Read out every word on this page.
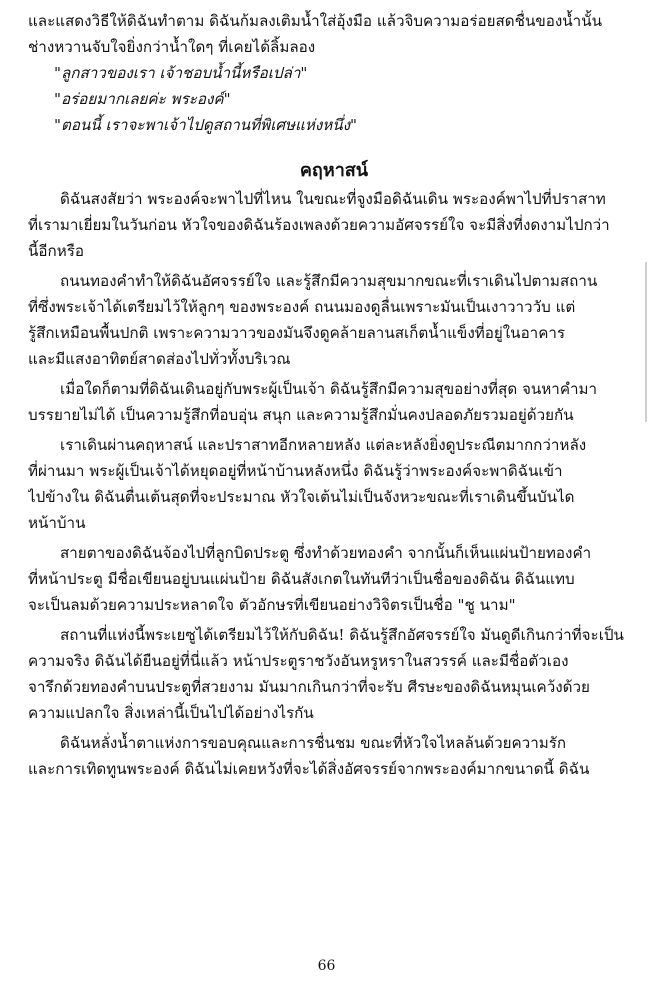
และแสดงวิธีให้ดิฉันทำตาม ดิฉันก้มลงเติมน้ำใส่อุ้งมือ แล้วจิบความอร่อยสดชื่นของน้ำนั้น
ช่างหวานจับใจยิ่งกว่าน้ำใดๆ ที่เคยได้ลิ้มลอง
"ลูกสาวของเรา เจ้าชอบน้ำนี้หรือเปล่า"
"อร่อยมากเลยค่ะ พระองค์"
"ตอนนี้ เราจะพาเจ้าไปดูสถานที่พิเศษแห่งหนึ่ง"
คฤหาสน์
ดิฉันสงสัยว่า พระองค์จะพาไปที่ไหน ในขณะที่จูงมือดิฉันเดิน พระองค์พาไปที่ปราสาท
ที่เรามาเยี่ยมในวันก่อน หัวใจของดิฉันร้องเพลงด้วยความอัศจรรย์ใจ จะมีสิ่งที่งดงามไปกว่า
นี้อีกหรือ
ถนนทองคำทำให้ดิฉันอัศจรรย์ใจ และรู้สึกมีความสุขมากขณะที่เราเดินไปตามสถาน
ที่ซึ่งพระเจ้าได้เตรียมไว้ให้ลูกๆ ของพระองค์ ถนนมองดูลื่นเพราะมันเป็นเงาวาววับ แต่
รู้สึกเหมือนพื้นปกติ เพราะความวาวของมันจึงดูคล้ายลานสเก็ตน้ำแข็งที่อยู่ในอาคาร
และมีแสงอาทิตย์สาดส่องไปทั่วทั้งบริเวณ
เมื่อใดก็ตามที่ดิฉันเดินอยู่กับพระผู้เป็นเจ้า ดิฉันรู้สึกมีความสุขอย่างที่สุด จนหาคำมา
บรรยายไม่ได้ เป็นความรู้สึกที่อบอุ่น สนุก และความรู้สึกมั่นคงปลอดภัยรวมอยู่ด้วยกัน
เราเดินผ่านคฤหาสน์ และปราสาทอีกหลายหลัง แต่ละหลังยิ่งดูประณีตมากกว่าหลัง
ที่ผ่านมา พระผู้เป็นเจ้าได้หยุดอยู่ที่หน้าบ้านหลังหนึ่ง ดิฉันรู้ว่าพระองค์จะพาดิฉันเข้า
ไปข้างใน ดิฉันตื่นเต้นสุดที่จะประมาณ หัวใจเต้นไม่เป็นจังหวะขณะที่เราเดินขึ้นบันได
หน้าบ้าน
สายตาของดิฉันจ้องไปที่ลูกบิดประตู ซึ่งทำด้วยทองคำ จากนั้นก็เห็นแผ่นป้ายทองคำ
ที่หน้าประตู มีชื่อเขียนอยู่บนแผ่นป้าย ดิฉันสังเกตในทันทีว่าเป็นชื่อของดิฉัน ดิฉันแทบ
จะเป็นลมด้วยความประหลาดใจ ตัวอักษรที่เขียนอย่างวิจิตรเป็นชื่อ "ชู นาม"
สถานที่แห่งนี้พระเยซูได้เตรียมไว้ให้กับดิฉัน! ดิฉันรู้สึกอัศจรรย์ใจ มันดูดีเกินกว่าที่จะเป็น
ความจริง ดิฉันได้ยืนอยู่ที่นี่แล้ว หน้าประตูราชวังอันหรูหราในสวรรค์ และมีชื่อตัวเอง
จารึกด้วยทองคำบนประตูที่สวยงาม มันมากเกินกว่าที่จะรับ ศีรษะของดิฉันหมุนเคว้งด้วย
ความแปลกใจ สิ่งเหล่านี้เป็นไปได้อย่างไรกัน
ดิฉันหลั่งน้ำตาแห่งการขอบคุณและการชื่นชม ขณะที่หัวใจไหลล้นด้วยความรัก
และการเทิดทูนพระองค์ ดิฉันไม่เคยหวังที่จะได้สิ่งอัศจรรย์จากพระองค์มากขนาดนี้ ดิฉัน
66
